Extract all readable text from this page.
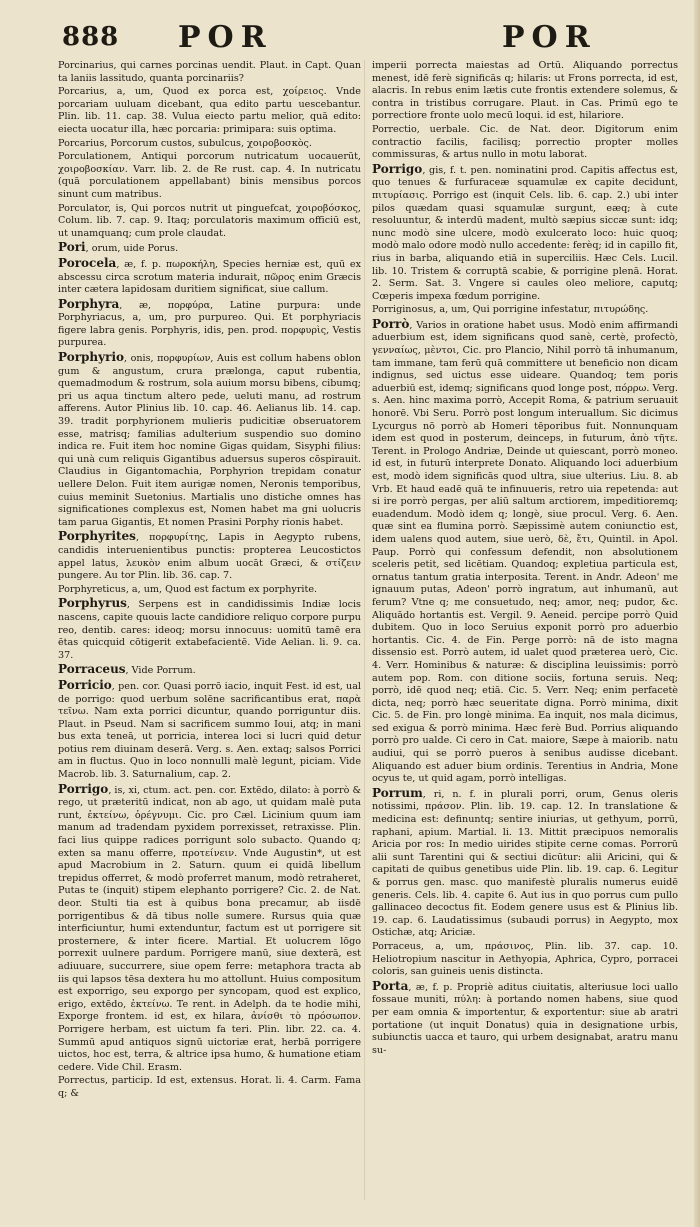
888 POR	POR

Porcinarius, qui carnes porcinas uendit. Plaut. in Capt. Quan ta laniis lassitudo, quanta porcinariis?

Porcarius, a, um, Quod ex porca est, χοίρειος. Vnde porcariam uuluam dicebant, qua edito partu uescebantur. Plin. lib. 11. cap. 38. Vulua eiecto partu melior, quā edito: eiecta uocatur illa, hæc porcaria: primipara: suis optima.

Porcarius, Porcorum custos, subulcus, χοιροβοσκὸς.

Porculationem, Antiqui porcorum nutricatum uocauerūt, χοιροβοσκίαν. Varr. lib. 2. de Re rust. cap. 4. In nutricatu (quā porculationem appellabant) binis mensibus porcos sinunt cum matribus.

Porculator, is, Qui porcos nutrit ut pinguefcat, χοιροβόσκος, Colum. lib. 7. cap. 9. Itaq; porculatoris maximum officiū est, ut unamquanq; cum prole claudat.

Pori, orum, uide Porus.

Porocela, æ, f. p. πωροκήλη, Species herniæ est, quū ex abscessu circa scrotum materia indurait, πῶρος enim Græcis inter cætera lapidosam duritiem significat, siue callum.

Porphyra, æ, πορφύρα, Latine purpura: unde Porphyriacus, a, um, pro purpureo. Qui. Et porphyriacis figere labra genis. Porphyris, idis, pen. prod. πορφυρὶς, Vestis purpurea.

Porphyrio, onis, πορφυρίων, Auis est collum habens oblon gum & angustum, crura prælonga, caput rubentia, quemadmodum & rostrum, sola auium morsu bibens, cibumq; pri us aqua tinctum altero pede, ueluti manu, ad rostrum afferens. Autor Plinius lib. 10. cap. 46. Aelianus lib. 14. cap. 39. tradit porphyrionem mulieris pudicitiæ obseruatorem esse, matrisq; familias adulterium suspendio suo domino indica re. Fuit item hoc nomine Gigas quidam, Sisyphi filius: qui unà cum reliquis Gigantibus aduersus superos cōspirauit. Claudius in Gigantomachia, Porphyrion trepidam conatur uellere Delon. Fuit item aurigæ nomen, Neronis temporibus, cuius meminit Suetonius. Martialis uno distiche omnes has significationes complexus est, Nomen habet ma gni uolucris tam parua Gigantis, Et nomen Prasini Porphy rionis habet.

Porphyrites, πορφυρίτης, Lapis in Aegypto rubens, candidis interuenientibus punctis: propterea Leucostictos appel latus, λευκὸν enim album uocāt Græci, & στίζειν pungere. Au tor Plin. lib. 36. cap. 7.

Porphyreticus, a, um, Quod est factum ex porphyrite.

Porphyrus, Serpens est in candidissimis Indiæ locis nascens, capite quouis lacte candidiore reliquo corpore purpu reo, dentib. cares: ideoq; morsu innocuus: uomitū tamē era ētas quicquid cōtigerit extabefacientē. Vide Aelian. li. 9. ca. 37.

Porraceus, Vide Porrum.

Porricio, pen. cor. Quasi porrō iacio, inquit Fest. id est, ual de porrigo: quod uerbum solēne sacrificantibus erat, παρὰ τεῖνω. Nam exta porrici dicuntur, quando porriguntur diis. Plaut. in Pseud. Nam si sacrificem summo Ioui, atq; in mani bus exta teneā, ut porricia, interea loci si lucri quid detur potius rem diuinam deserā. Verg. s. Aen. extaq; salsos Porrici am in fluctus. Quo in loco nonnulli malè legunt, piciam. Vide Macrob. lib. 3. Saturnalium, cap. 2.

Porrigo, is, xi, ctum. act. pen. cor. Extēdo, dilato: à porrò & rego, ut præteritū indicat, non ab ago, ut quidam malè puta runt, ἐκτείνω, ὀρέγνυμι. Cic. pro Cæl. Licinium quum iam manum ad tradendam pyxidem porrexisset, retraxisse. Plin. faci lius quippe radices porrigunt solo subacto. Quando q; exten sa manu offerre, προτείνειν. Vnde Augustin*, ut est apud Macrobium in 2. Saturn. quum ei quidā libellum trepidus offerret, & modò proferret manum, modò retraheret, Putas te (inquit) stipem elephanto porrigere? Cic. 2. de Nat. deor. Stulti tia est à quibus bona precamur, ab iisdē porrigentibus & dā tibus nolle sumere. Rursus quia quæ interficiuntur, humi extenduntur, factum est ut porrigere sit prosternere, & inter ficere. Martial. Et uolucrem lōgo porrexit uulnere pardum. Porrigere manū, siue dexterā, est adiuuare, succurrere, siue opem ferre: metaphora tracta ab iis qui lapsos tēsa dextera hu mo attollunt. Huius compositum est exporrigo, seu exporgo per syncopam, quod est explico, erigo, extēdo, ἐκτείνω. Te rent. in Adelph. da te hodie mihi, Exporge frontem. id est, ex hilara, ἀνίσθι τὸ πρόσωπον. Porrigere herbam, est uictum fa teri. Plin. libr. 22. ca. 4. Summū apud antiquos signū uictoriæ erat, herbā porrigere uictos, hoc est, terra, & altrice ipsa humo, & humatione etiam cedere. Vide Chil. Erasm.

Porrectus, particip. Id est, extensus. Horat. li. 4. Carm. Fama q; &

imperii porrecta maiestas ad Ortū. Aliquando porrectus menest, idē ferè significās q; hilaris: ut Frons porrecta, id est, alacris. In rebus enim lætis cute frontis extendere solemus, & contra in tristibus corrugare. Plaut. in Cas. Primū ego te porrectiore fronte uolo mecū loqui. id est, hilariore.

Porrectio, uerbale. Cic. de Nat. deor. Digitorum enim contractio facilis, facilisq; porrectio propter molles commissuras, & artus nullo in motu laborat.

Porrigo, gis, f. t. pen. nominatini prod. Capitis affectus est, quo tenues & furfuraceæ squamulæ ex capite decidunt, πιτυρίασις. Porrigo est (inquit Cels. lib. 6. cap. 2.) ubi inter pilos quædam quasi squamulæ surgunt, eæq; à cute resoluuntur, & interdū madent, multò sæpius siccæ sunt: idq; nunc modò sine ulcere, modò exulcerato loco: huic quoq; modò malo odore modò nullo accedente: ferèq; id in capillo fit, rius in barba, aliquando etiā in superciliis. Hæc Cels. Lucil. lib. 10. Tristem & corruptā scabie, & porrigine plenā. Horat. 2. Serm. Sat. 3. Vngere si caules oleo meliore, caputq; Cœperis impexa fœdum porrigine.

Porriginosus, a, um, Qui porrigine infestatur, πιτυρώδης.

Porrò, Varios in oratione habet usus. Modò enim affirmandi aduerbium est, idem significans quod sanè, certè, profectò, γενναίως, μὲντοι, Cic. pro Plancio, Nihil porrò tā inhumanum, tam immane, tam ferū quā committere ut beneficio non dicam indignus, sed uictus esse uideare. Quandoq; tem poris aduerbiū est, idemq; significans quod longe post, πόρρω. Verg. s. Aen. hinc maxima porrò, Accepit Roma, & patrium seruauit honorē. Vbi Seru. Porrò post longum interuallum. Sic dicimus Lycurgus nō porrò ab Homeri tēporibus fuit. Nonnunquam idem est quod in posterum, deinceps, in futurum, ἀπὸ τῆτε. Terent. in Prologo Andriæ, Deinde ut quiescant, porrò moneo. id est, in futurū interprete Donato. Aliquando loci aduerbium est, modò idem significās quod ultra, siue ulterius. Liu. 8. ab Vrb. Et haud eadē quā te infinuueris, retro uia repetenda: aut si ire porrò pergas, per aliū saltum arctiorem, impeditioremq; euadendum. Modò idem q; longè, siue procul. Verg. 6. Aen. quæ sint ea flumina porrò. Sæpissimè autem coniunctio est, idem ualens quod autem, siue uerò, δὲ, ἔτι, Quintil. in Apol. Paup. Porrò qui confessum defendit, non absolutionem sceleris petit, sed licētiam. Quandoq; expletiua particula est, ornatus tantum gratia interposita. Terent. in Andr. Adeon' me ignauum putas, Adeon' porrò ingratum, aut inhumanū, aut ferum? Vtne q; me consuetudo, neq; amor, neq; pudor, &c. Aliquādo hortantis est. Vergil. 9. Aeneid. percipe porrò Quid dubitem. Quo in loco Seruius exponit porrò pro aduerbio hortantis. Cic. 4. de Fin. Perge porrò: nā de isto magna dissensio est. Porrò autem, id ualet quod præterea uerò, Cic. 4. Verr. Hominibus & naturæ: & disciplina leuissimis: porrò autem pop. Rom. con ditione sociis, fortuna seruis. Neq; porrò, idē quod neq; etiā. Cic. 5. Verr. Neq; enim perfacetè dicta, neq; porrò hæc seueritate digna. Porrò minima, dixit Cic. 5. de Fin. pro longè minima. Ea inquit, nos mala dicimus, sed exigua & porrò minima. Hæc ferè Bud. Porrius aliquando porrò pro ualde. Ci cero in Cat. maiore, Sæpe à maiorib. natu audiui, qui se porrò pueros à senibus audisse dicebant. Aliquando est aduer bium ordinis. Terentius in Andria, Mone ocyus te, ut quid agam, porrò intelligas.

Porrum, ri, n. f. in plurali porri, orum, Genus oleris notissimi, πράσον. Plin. lib. 19. cap. 12. In translatione & medicina est: definuntq; sentire iniurias, ut gethyum, porrū, raphani, apium. Martial. li. 13. Mittit præcipuos nemoralis Aricia por ros: In medio uirides stipite cerne comas. Porrorū alii sunt Tarentini qui & sectiui dicūtur: alii Aricini, qui & capitati de quibus genetibus uide Plin. lib. 19. cap. 6. Legitur & porrus gen. masc. quo manifestè pluralis numerus euidē generis. Cels. lib. 4. capite 6. Aut ius in quo porrus cum pullo gallinaceo decoctus fit. Eodem genere usus est & Plinius lib. 19. cap. 6. Laudatissimus (subaudi porrus) in Aegypto, mox Ostichæ, atq; Ariciæ.

Porraceus, a, um, πράσινος, Plin. lib. 37. cap. 10. Heliotropium nascitur in Aethyopia, Aphrica, Cypro, porracei coloris, san guineis uenis distincta.

Porta, æ, f. p. Propriè aditus ciuitatis, alteriusue loci uallo fossaue muniti, πύλη: à portando nomen habens, siue quod per eam omnia & importentur, & exportentur: siue ab aratri portatione (ut inquit Donatus) quia in designatione urbis, subiunctis uacca et tauro, qui urbem designabat, aratru manu su-
